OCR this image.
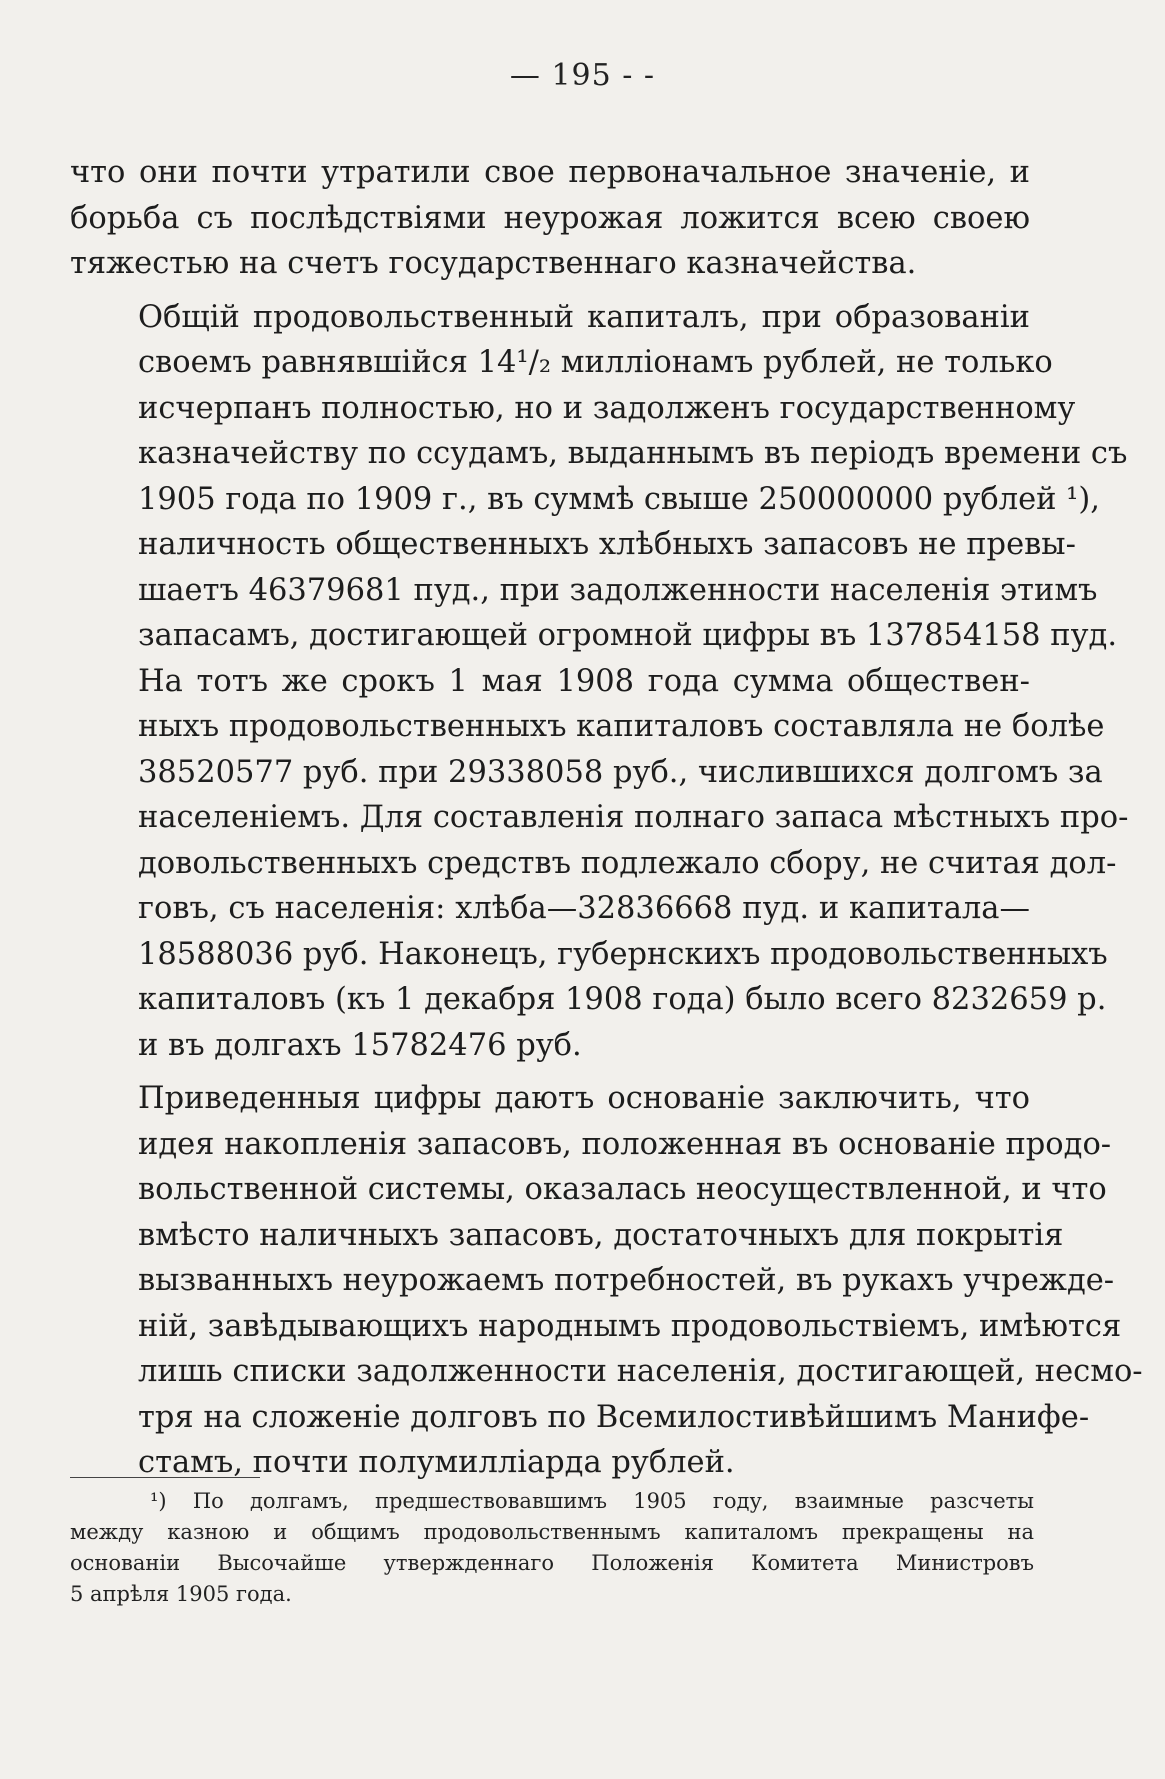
— 195 - -

что они почти утратили свое первоначальное значеніе, и
борьба съ послѣдствіями неурожая ложится всею своею
тяжестью на счетъ государственнаго казначейства.

Общій продовольственный капиталъ, при образованіи
своемъ равнявшійся 14¹/₂ милліонамъ рублей, не только
исчерпанъ полностью, но и задолженъ государственному
казначейству по ссудамъ, выданнымъ въ періодъ времени съ
1905 года по 1909 г., въ суммѣ свыше 250000000 рублей ¹),
наличность общественныхъ хлѣбныхъ запасовъ не превы-
шаетъ 46379681 пуд., при задолженности населенія этимъ
запасамъ, достигающей огромной цифры въ 137854158 пуд.
На тотъ же срокъ 1 мая 1908 года сумма обществен-
ныхъ продовольственныхъ капиталовъ составляла не болѣе
38520577 руб. при 29338058 руб., числившихся долгомъ за
населеніемъ. Для составленія полнаго запаса мѣстныхъ про-
довольственныхъ средствъ подлежало сбору, не считая дол-
говъ, съ населенія: хлѣба—32836668 пуд. и капитала—
18588036 руб. Наконецъ, губернскихъ продовольственныхъ
капиталовъ (къ 1 декабря 1908 года) было всего 8232659 р.
и въ долгахъ 15782476 руб.

Приведенныя цифры даютъ основаніе заключить, что
идея накопленія запасовъ, положенная въ основаніе продо-
вольственной системы, оказалась неосуществленной, и что
вмѣсто наличныхъ запасовъ, достаточныхъ для покрытія
вызванныхъ неурожаемъ потребностей, въ рукахъ учрежде-
ній, завѣдывающихъ народнымъ продовольствіемъ, имѣются
лишь списки задолженности населенія, достигающей, несмо-
тря на сложеніе долговъ по Всемилостивѣйшимъ Манифе-
стамъ, почти полумилліарда рублей.

¹) По долгамъ, предшествовавшимъ 1905 году, взаимные разсчеты
между казною и общимъ продовольственнымъ капиталомъ прекращены на
основаніи Высочайше утвержденнаго Положенія Комитета Министровъ
5 апрѣля 1905 года.
